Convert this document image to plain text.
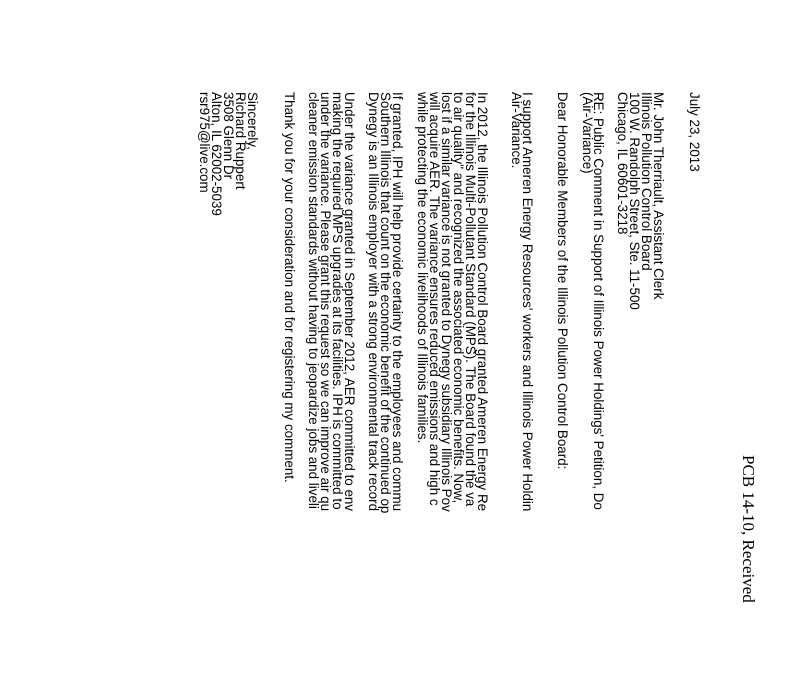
PCB 14-10, Received
July 23, 2013
Mr. John Therriault, Assistant Clerk
Illinois Pollution Control Board
100 W. Randolph Street, Ste. 11-500
Chicago, IL 60601-3218
RE: Public Comment in Support of Illinois Power Holdings' Petition, Do
(Air-Variance)
Dear Honorable Members of the Illinois Pollution Control Board:
I support Ameren Energy Resources' workers and Illinois Power Holdin
Air-Variance.
In 2012, the Illinois Pollution Control Board granted Ameren Energy Re
for the Illinois Multi-Pollutant Standard (MPS). The Board found the va
to air quality" and recognized the associated economic benefits. Now,
lost if a similar variance is not granted to Dynegy subsidiary Illinois Pov
will acquire AER. The variance ensures reduced emissions and high c
while protecting the economic livelihoods of Illinois families.
If granted, IPH will help provide certainty to the employees and commu
Southern Illinois that count on the economic benefit of the continued op
Dynegy is an Illinois employer with a strong environmental track record
Under the variance granted in September 2012, AER committed to env
making the required MPS upgrades at its facilities. IPH is committed to
under the variance. Please grant this request so we can improve air qu
cleaner emission standards without having to jeopardize jobs and liveli
Thank you for your consideration and for registering my comment.
Sincerely,
Richard Ruppert
3508 Glenn Dr
Alton, IL 62002-5039
rsr975@live.com
